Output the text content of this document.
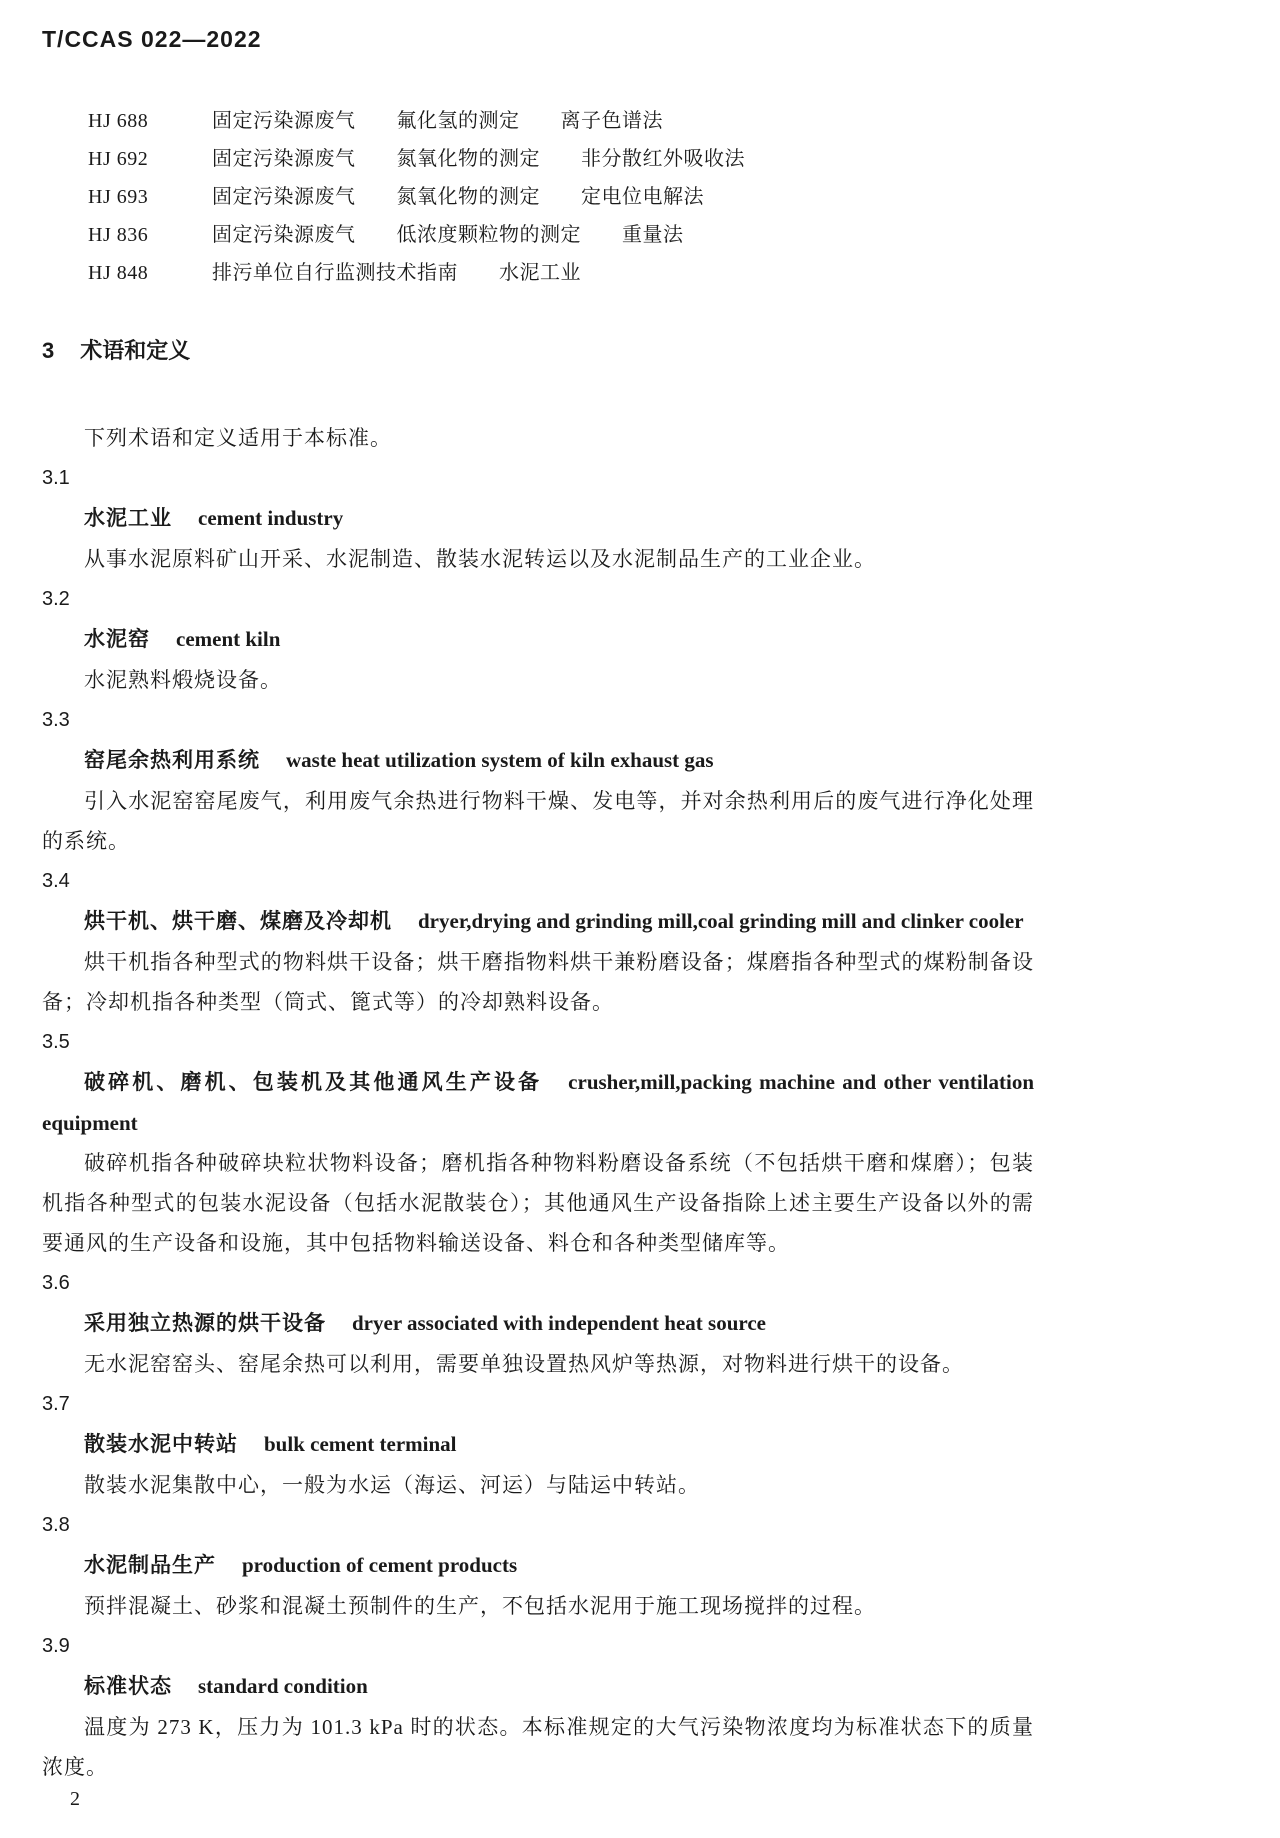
T/CCAS 022—2022
HJ 688	固定污染源废气　　氟化氢的测定　　离子色谱法
HJ 692	固定污染源废气　　氮氧化物的测定　　非分散红外吸收法
HJ 693	固定污染源废气　　氮氧化物的测定　　定电位电解法
HJ 836	固定污染源废气　　低浓度颗粒物的测定　　重量法
HJ 848	排污单位自行监测技术指南　　水泥工业
3 术语和定义
下列术语和定义适用于本标准。
3.1
水泥工业 cement industry
从事水泥原料矿山开采、水泥制造、散装水泥转运以及水泥制品生产的工业企业。
3.2
水泥窑 cement kiln
水泥熟料煅烧设备。
3.3
窑尾余热利用系统 waste heat utilization system of kiln exhaust gas
引入水泥窑窑尾废气，利用废气余热进行物料干燥、发电等，并对余热利用后的废气进行净化处理的系统。
3.4
烘干机、烘干磨、煤磨及冷却机 dryer,drying and grinding mill,coal grinding mill and clinker cooler
烘干机指各种型式的物料烘干设备；烘干磨指物料烘干兼粉磨设备；煤磨指各种型式的煤粉制备设备；冷却机指各种类型（筒式、篦式等）的冷却熟料设备。
3.5
破碎机、磨机、包装机及其他通风生产设备 crusher,mill,packing machine and other ventilation equipment
破碎机指各种破碎块粒状物料设备；磨机指各种物料粉磨设备系统（不包括烘干磨和煤磨）；包装机指各种型式的包装水泥设备（包括水泥散装仓）；其他通风生产设备指除上述主要生产设备以外的需要通风的生产设备和设施，其中包括物料输送设备、料仓和各种类型储库等。
3.6
采用独立热源的烘干设备 dryer associated with independent heat source
无水泥窑窑头、窑尾余热可以利用，需要单独设置热风炉等热源，对物料进行烘干的设备。
3.7
散装水泥中转站 bulk cement terminal
散装水泥集散中心，一般为水运（海运、河运）与陆运中转站。
3.8
水泥制品生产 production of cement products
预拌混凝土、砂浆和混凝土预制件的生产，不包括水泥用于施工现场搅拌的过程。
3.9
标准状态 standard condition
温度为 273 K，压力为 101.3 kPa 时的状态。本标准规定的大气污染物浓度均为标准状态下的质量浓度。
2
